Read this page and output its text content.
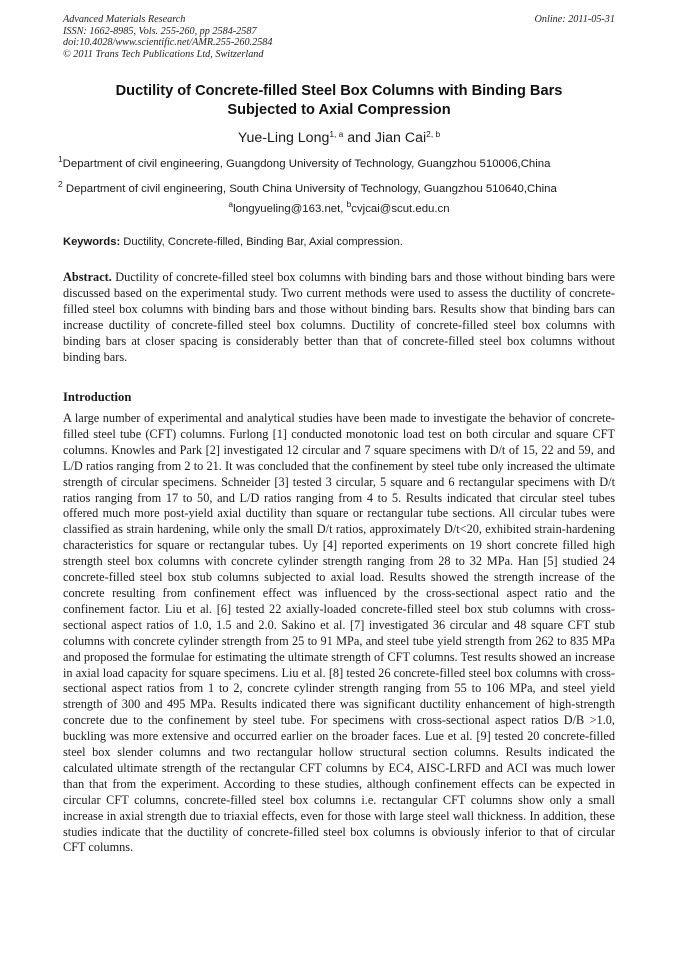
Advanced Materials Research
ISSN: 1662-8985, Vols. 255-260, pp 2584-2587
doi:10.4028/www.scientific.net/AMR.255-260.2584
© 2011 Trans Tech Publications Ltd, Switzerland
Online: 2011-05-31
Ductility of Concrete-filled Steel Box Columns with Binding Bars
Subjected to Axial Compression
Yue-Ling Long$^{1, a}$ and Jian Cai$^{2, b}$
$^1$Department of civil engineering, Guangdong University of Technology, Guangzhou 510006,China
$^2$ Department of civil engineering, South China University of Technology, Guangzhou 510640,China
$^a$longyueling@163.net, $^b$cvjcai@scut.edu.cn
Keywords: Ductility, Concrete-filled, Binding Bar, Axial compression.
Abstract. Ductility of concrete-filled steel box columns with binding bars and those without binding bars were discussed based on the experimental study. Two current methods were used to assess the ductility of concrete-filled steel box columns with binding bars and those without binding bars. Results show that binding bars can increase ductility of concrete-filled steel box columns. Ductility of concrete-filled steel box columns with binding bars at closer spacing is considerably better than that of concrete-filled steel box columns without binding bars.
Introduction

A large number of experimental and analytical studies have been made to investigate the behavior of concrete-filled steel tube (CFT) columns. Furlong [1] conducted monotonic load test on both circular and square CFT columns. Knowles and Park [2] investigated 12 circular and 7 square specimens with D/t of 15, 22 and 59, and L/D ratios ranging from 2 to 21. It was concluded that the confinement by steel tube only increased the ultimate strength of circular specimens. Schneider [3] tested 3 circular, 5 square and 6 rectangular specimens with D/t ratios ranging from 17 to 50, and L/D ratios ranging from 4 to 5. Results indicated that circular steel tubes offered much more post-yield axial ductility than square or rectangular tube sections. All circular tubes were classified as strain hardening, while only the small D/t ratios, approximately D/t<20, exhibited strain-hardening characteristics for square or rectangular tubes. Uy [4] reported experiments on 19 short concrete filled high strength steel box columns with concrete cylinder strength ranging from 28 to 32 MPa. Han [5] studied 24 concrete-filled steel box stub columns subjected to axial load. Results showed the strength increase of the concrete resulting from confinement effect was influenced by the cross-sectional aspect ratio and the confinement factor. Liu et al. [6] tested 22 axially-loaded concrete-filled steel box stub columns with cross-sectional aspect ratios of 1.0, 1.5 and 2.0. Sakino et al. [7] investigated 36 circular and 48 square CFT stub columns with concrete cylinder strength from 25 to 91 MPa, and steel tube yield strength from 262 to 835 MPa and proposed the formulae for estimating the ultimate strength of CFT columns. Test results showed an increase in axial load capacity for square specimens. Liu et al. [8] tested 26 concrete-filled steel box columns with cross-sectional aspect ratios from 1 to 2, concrete cylinder strength ranging from 55 to 106 MPa, and steel yield strength of 300 and 495 MPa. Results indicated there was significant ductility enhancement of high-strength concrete due to the confinement by steel tube. For specimens with cross-sectional aspect ratios D/B >1.0, buckling was more extensive and occurred earlier on the broader faces. Lue et al. [9] tested 20 concrete-filled steel box slender columns and two rectangular hollow structural section columns. Results indicated the calculated ultimate strength of the rectangular CFT columns by EC4, AISC-LRFD and ACI was much lower than that from the experiment. According to these studies, although confinement effects can be expected in circular CFT columns, concrete-filled steel box columns i.e. rectangular CFT columns show only a small increase in axial strength due to triaxial effects, even for those with large steel wall thickness. In addition, these studies indicate that the ductility of concrete-filled steel box columns is obviously inferior to that of circular CFT columns.
